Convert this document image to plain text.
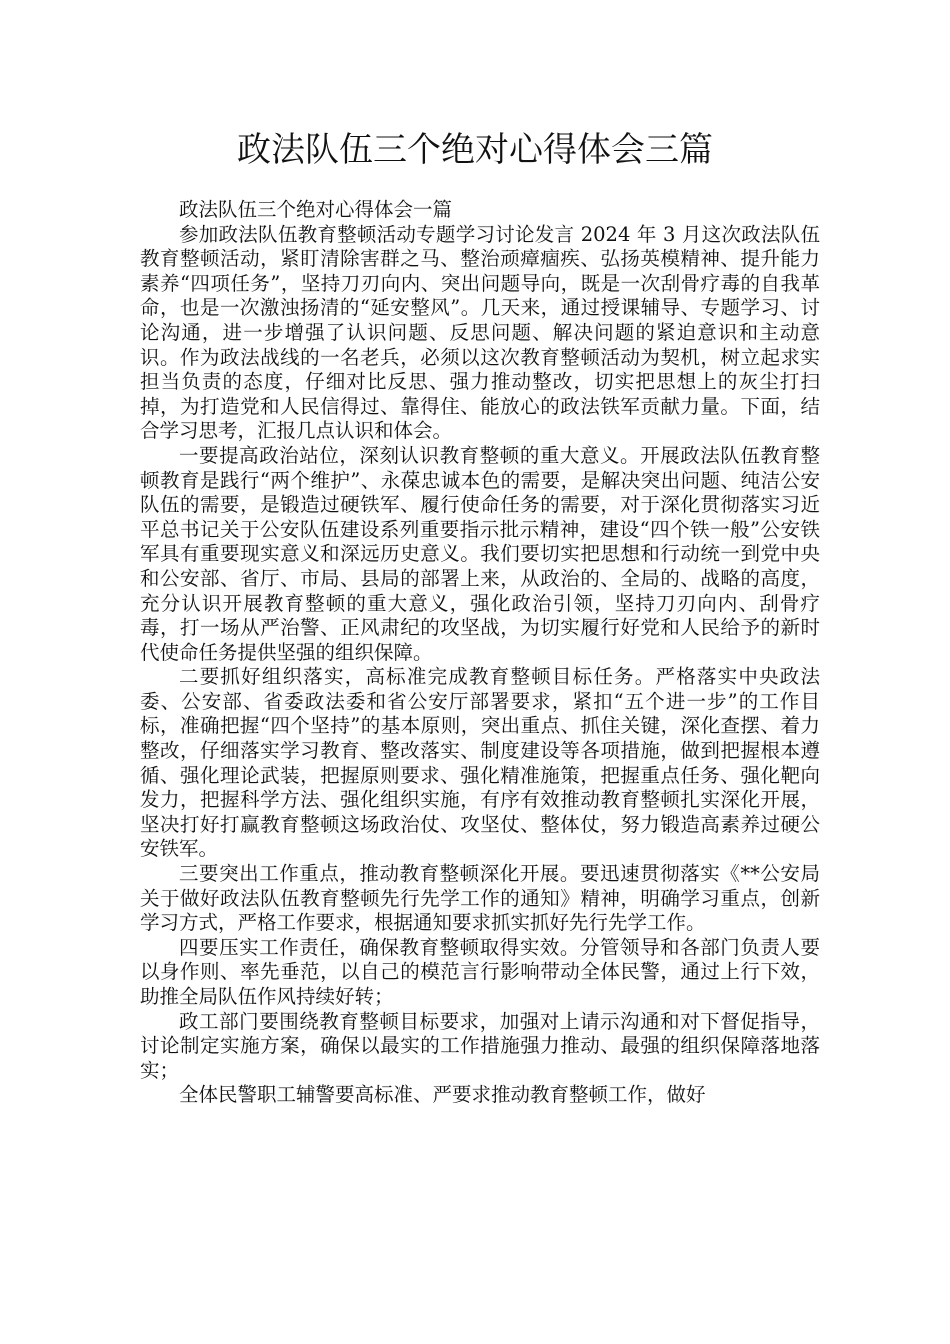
政法队伍三个绝对心得体会三篇

政法队伍三个绝对心得体会一篇

参加政法队伍教育整顿活动专题学习讨论发言 2024 年 3 月这次政法队伍教育整顿活动，紧盯清除害群之马、整治顽瘴痼疾、弘扬英模精神、提升能力素养“四项任务”，坚持刀刃向内、突出问题导向，既是一次刮骨疗毒的自我革命，也是一次激浊扬清的“延安整风”。几天来，通过授课辅导、专题学习、讨论沟通，进一步增强了认识问题、反思问题、解决问题的紧迫意识和主动意识。作为政法战线的一名老兵，必须以这次教育整顿活动为契机，树立起求实担当负责的态度，仔细对比反思、强力推动整改，切实把思想上的灰尘打扫掉，为打造党和人民信得过、靠得住、能放心的政法铁军贡献力量。下面，结合学习思考，汇报几点认识和体会。

一要提高政治站位，深刻认识教育整顿的重大意义。开展政法队伍教育整顿教育是践行“两个维护”、永葆忠诚本色的需要，是解决突出问题、纯洁公安队伍的需要，是锻造过硬铁军、履行使命任务的需要，对于深化贯彻落实习近平总书记关于公安队伍建设系列重要指示批示精神，建设“四个铁一般”公安铁军具有重要现实意义和深远历史意义。我们要切实把思想和行动统一到党中央和公安部、省厅、市局、县局的部署上来，从政治的、全局的、战略的高度，充分认识开展教育整顿的重大意义，强化政治引领，坚持刀刃向内、刮骨疗毒，打一场从严治警、正风肃纪的攻坚战，为切实履行好党和人民给予的新时代使命任务提供坚强的组织保障。

二要抓好组织落实，高标准完成教育整顿目标任务。严格落实中央政法委、公安部、省委政法委和省公安厅部署要求，紧扣“五个进一步”的工作目标，准确把握“四个坚持”的基本原则，突出重点、抓住关键，深化查摆、着力整改，仔细落实学习教育、整改落实、制度建设等各项措施，做到把握根本遵循、强化理论武装，把握原则要求、强化精准施策，把握重点任务、强化靶向发力，把握科学方法、强化组织实施，有序有效推动教育整顿扎实深化开展，坚决打好打赢教育整顿这场政治仗、攻坚仗、整体仗，努力锻造高素养过硬公安铁军。

三要突出工作重点，推动教育整顿深化开展。要迅速贯彻落实《**公安局关于做好政法队伍教育整顿先行先学工作的通知》精神，明确学习重点，创新学习方式，严格工作要求，根据通知要求抓实抓好先行先学工作。

四要压实工作责任，确保教育整顿取得实效。分管领导和各部门负责人要以身作则、率先垂范，以自己的模范言行影响带动全体民警，通过上行下效，助推全局队伍作风持续好转；

政工部门要围绕教育整顿目标要求，加强对上请示沟通和对下督促指导，讨论制定实施方案，确保以最实的工作措施强力推动、最强的组织保障落地落实；

全体民警职工辅警要高标准、严要求推动教育整顿工作，做好
